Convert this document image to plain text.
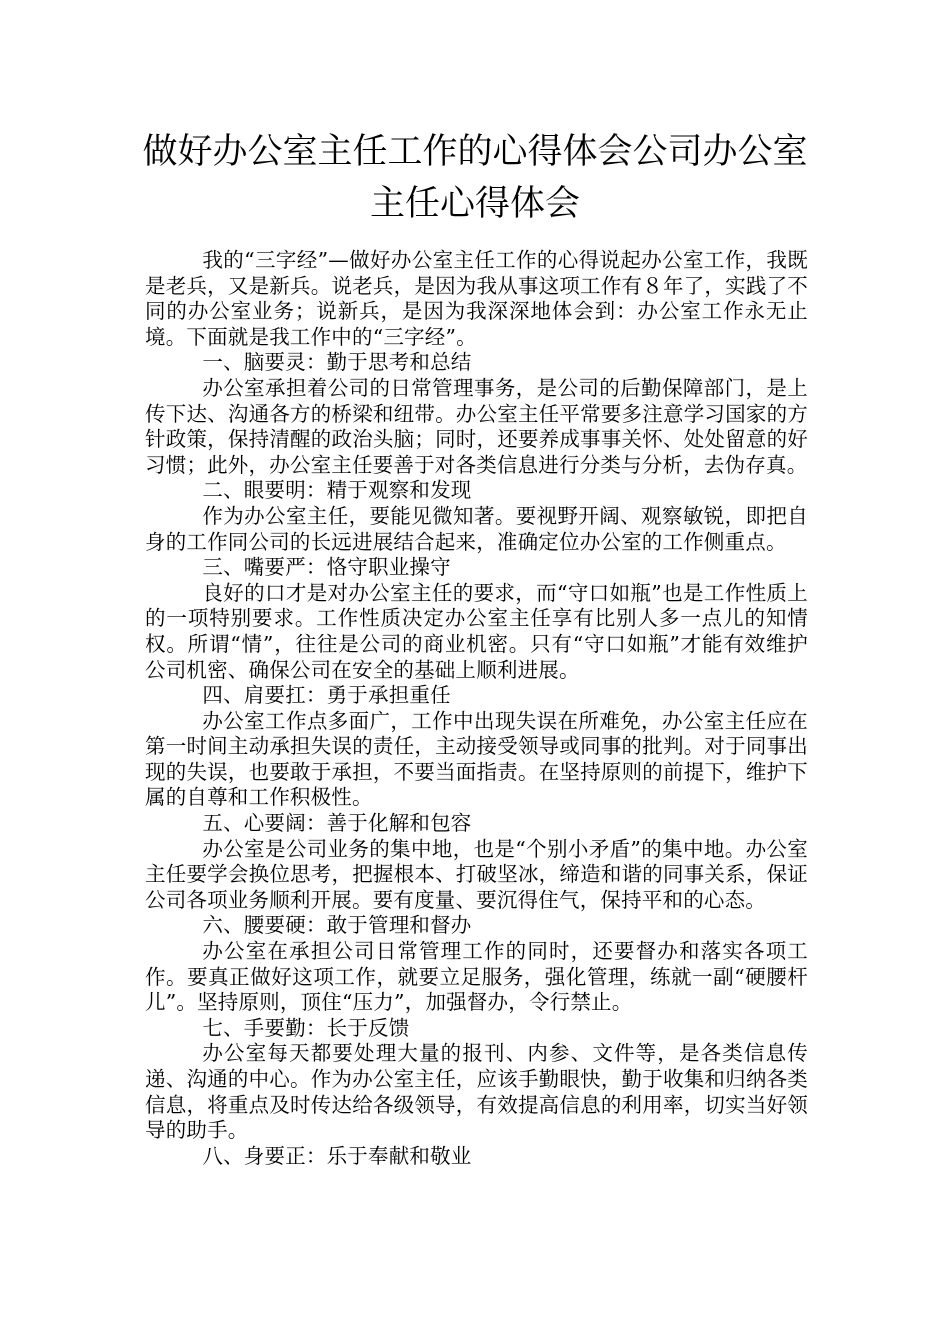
做好办公室主任工作的心得体会公司办公室主任心得体会

我的“三字经”—做好办公室主任工作的心得说起办公室工作，我既是老兵，又是新兵。说老兵，是因为我从事这项工作有８年了，实践了不同的办公室业务；说新兵，是因为我深深地体会到：办公室工作永无止境。下面就是我工作中的“三字经”。

一、脑要灵：勤于思考和总结

办公室承担着公司的日常管理事务，是公司的后勤保障部门，是上传下达、沟通各方的桥梁和纽带。办公室主任平常要多注意学习国家的方针政策，保持清醒的政治头脑；同时，还要养成事事关怀、处处留意的好习惯；此外，办公室主任要善于对各类信息进行分类与分析，去伪存真。

二、眼要明：精于观察和发现

作为办公室主任，要能见微知著。要视野开阔、观察敏锐，即把自身的工作同公司的长远进展结合起来，准确定位办公室的工作侧重点。

三、嘴要严：恪守职业操守

良好的口才是对办公室主任的要求，而“守口如瓶”也是工作性质上的一项特别要求。工作性质决定办公室主任享有比别人多一点儿的知情权。所谓“情”，往往是公司的商业机密。只有“守口如瓶”才能有效维护公司机密、确保公司在安全的基础上顺利进展。

四、肩要扛：勇于承担重任

办公室工作点多面广，工作中出现失误在所难免，办公室主任应在第一时间主动承担失误的责任，主动接受领导或同事的批判。对于同事出现的失误，也要敢于承担，不要当面指责。在坚持原则的前提下，维护下属的自尊和工作积极性。

五、心要阔：善于化解和包容

办公室是公司业务的集中地，也是“个别小矛盾”的集中地。办公室主任要学会换位思考，把握根本、打破坚冰，缔造和谐的同事关系，保证公司各项业务顺利开展。要有度量、要沉得住气，保持平和的心态。

六、腰要硬：敢于管理和督办

办公室在承担公司日常管理工作的同时，还要督办和落实各项工作。要真正做好这项工作，就要立足服务，强化管理，练就一副“硬腰杆儿”。坚持原则，顶住“压力”，加强督办，令行禁止。

七、手要勤：长于反馈

办公室每天都要处理大量的报刊、内参、文件等，是各类信息传递、沟通的中心。作为办公室主任，应该手勤眼快，勤于收集和归纳各类信息，将重点及时传达给各级领导，有效提高信息的利用率，切实当好领导的助手。

八、身要正：乐于奉献和敬业
